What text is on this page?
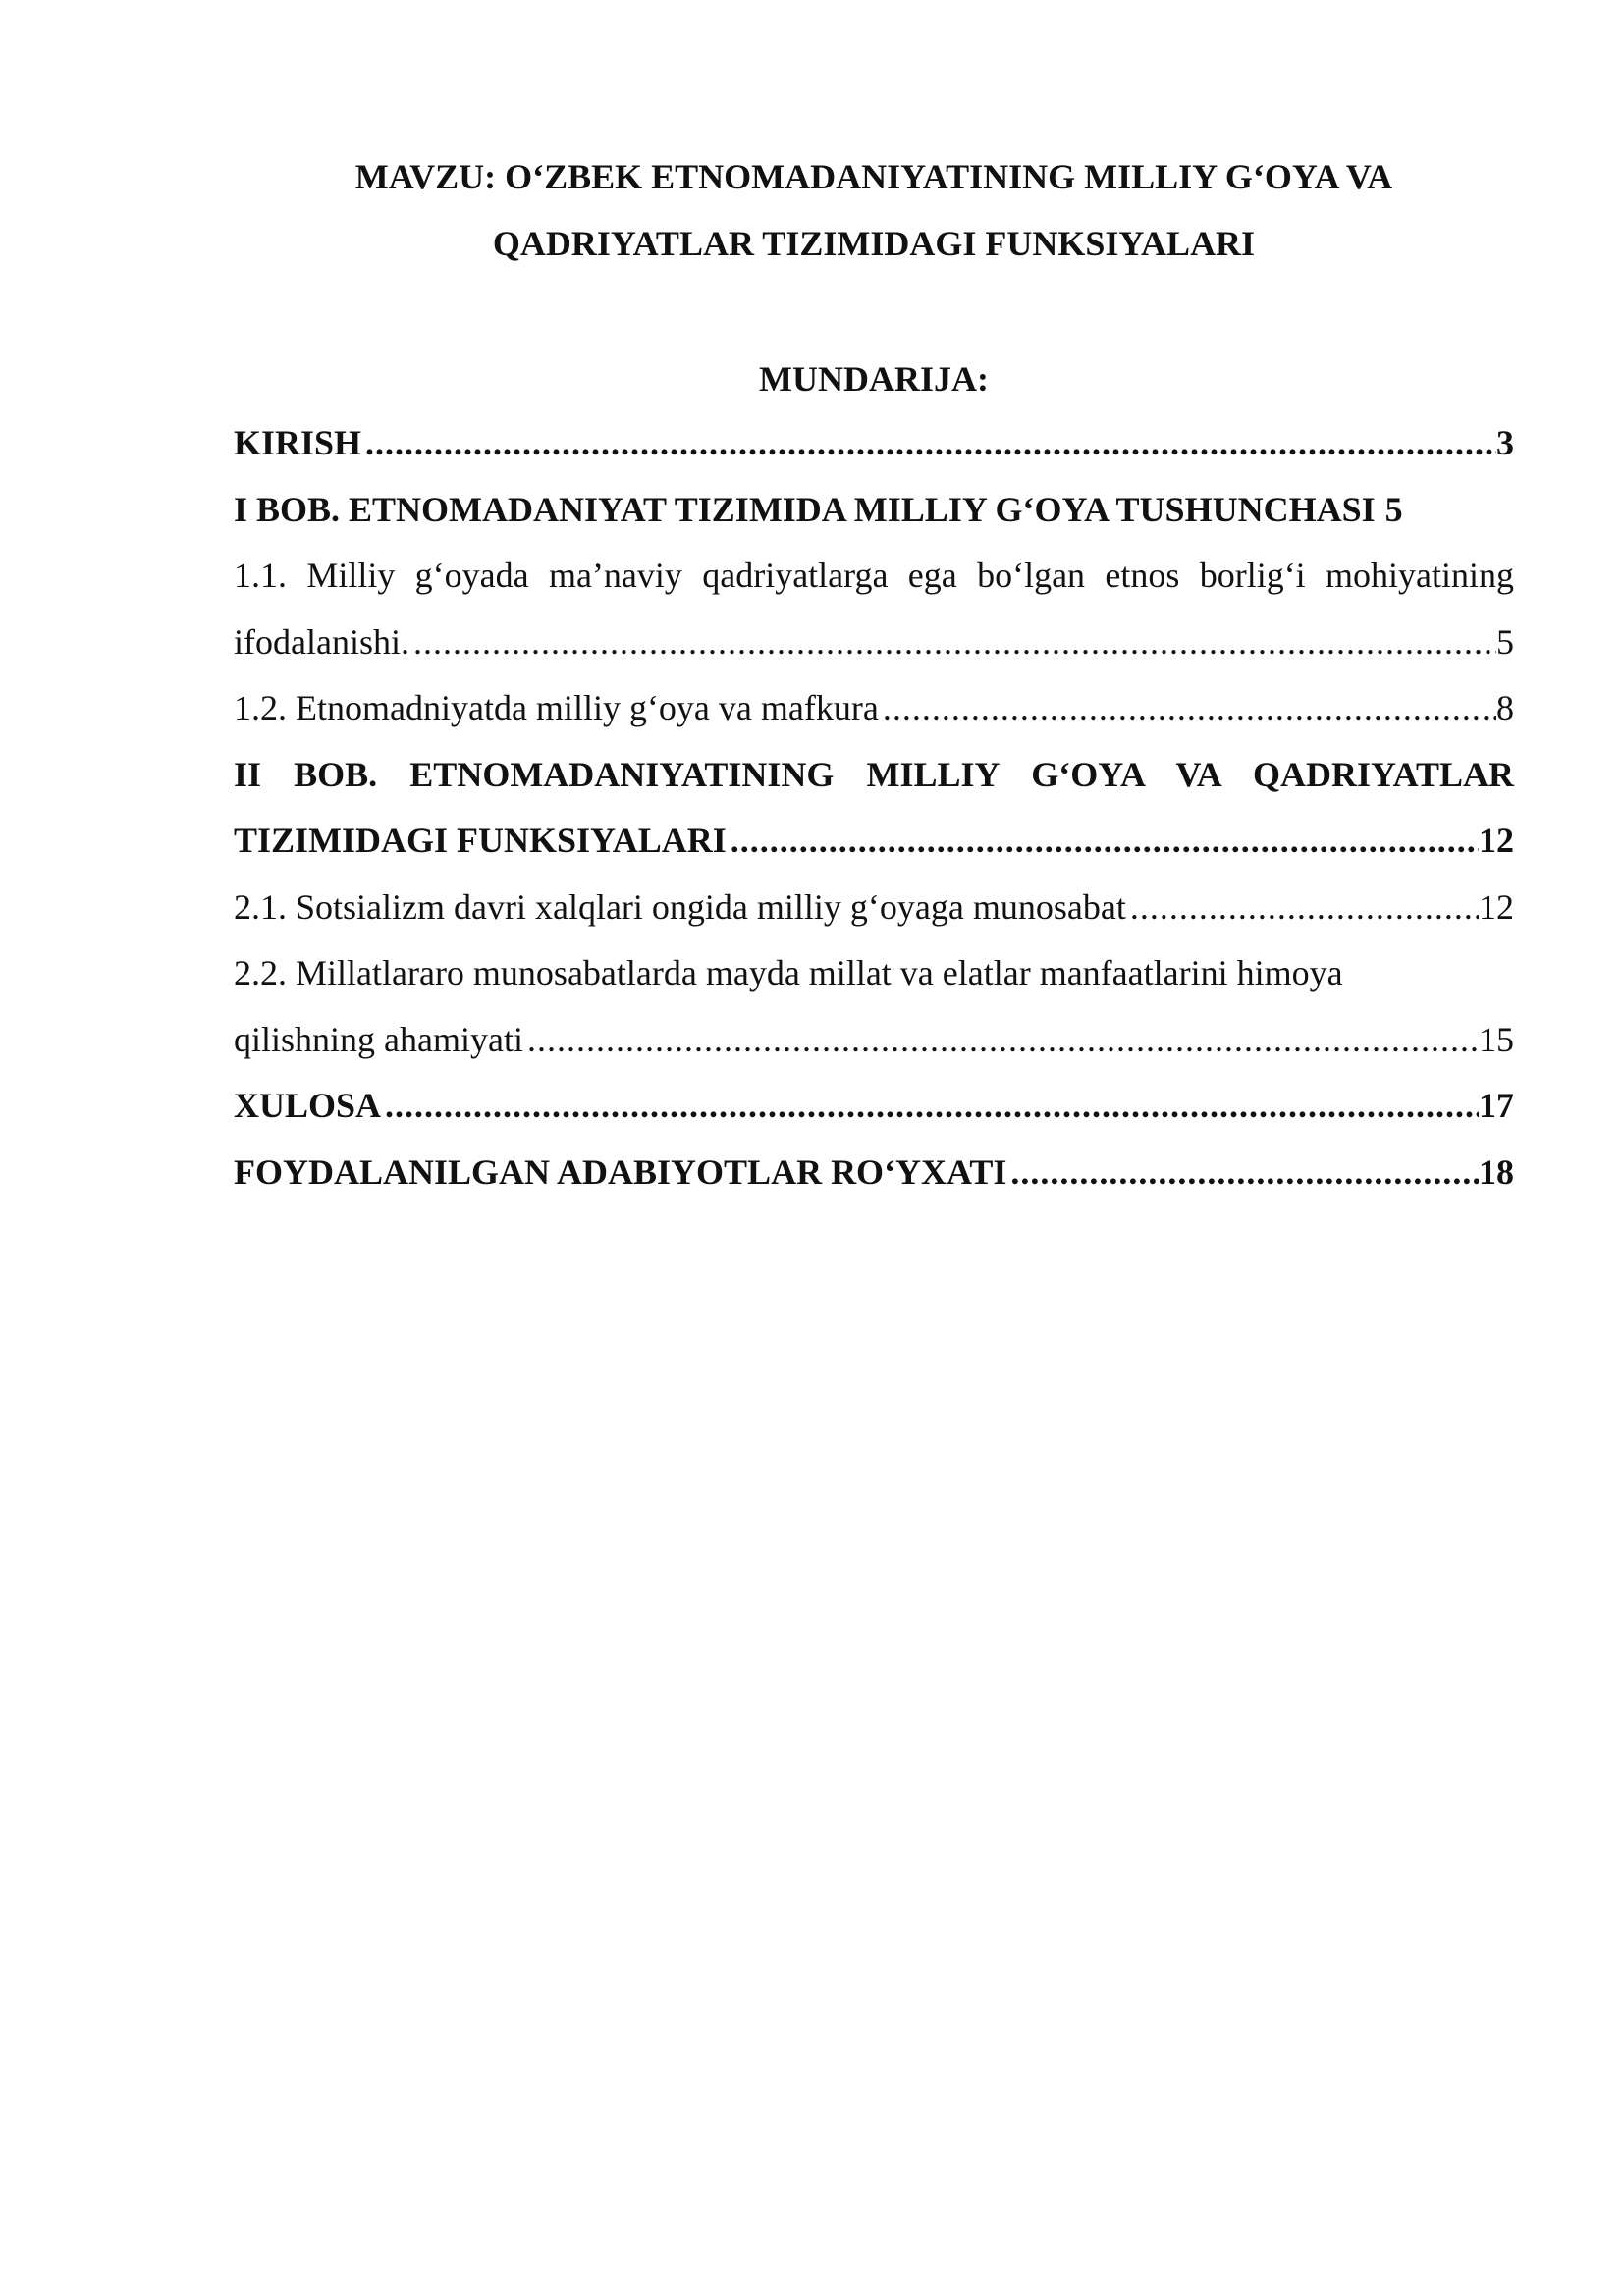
MAVZU: O‘ZBEK ETNOMADANIYATINING MILLIY G‘OYA VA
QADRIYATLAR TIZIMIDAGI FUNKSIYALARI
MUNDARIJA:
KIRISH .....	3
I BOB. ETNOMADANIYAT TIZIMIDA MILLIY G‘OYA TUSHUNCHASI 5
1.1. Milliy g‘oyada ma’naviy qadriyatlarga ega bo‘lgan etnos borlig‘i mohiyatining
ifodalanishi. .....	5
1.2. Etnomadniyatda milliy g‘oya va mafkura .....	8
II BOB. ETNOMADANIYATINING MILLIY G‘OYA VA QADRIYATLAR
TIZIMIDAGI FUNKSIYALARI .....	12
2.1. Sotsializm davri xalqlari ongida milliy g‘oyaga munosabat .....	12
2.2. Millatlararo munosabatlarda mayda millat va elatlar manfaatlarini himoya
qilishning ahamiyati .....	15
XULOSA .....	17
FOYDALANILGAN ADABIYOTLAR RO‘YXATI .....	18
